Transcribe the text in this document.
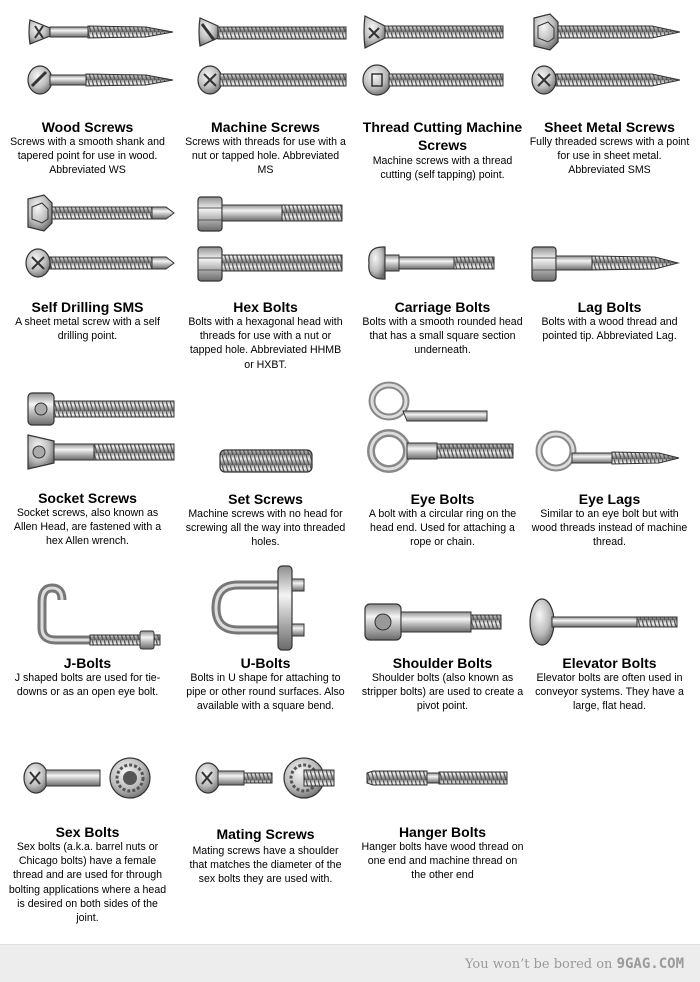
Wood Screws
Screws with a smooth shank and tapered point for use in wood. Abbreviated WS
Machine Screws
Screws with threads for use with a nut or tapped hole. Abbreviated MS
Thread Cutting Machine Screws
Machine screws with a thread cutting (self tapping) point.
Sheet Metal Screws
Fully threaded screws with a point for use in sheet metal. Abbreviated SMS
Self Drilling SMS
A sheet metal screw with a self drilling point.
Hex Bolts
Bolts with a hexagonal head with threads for use with a nut or tapped hole. Abbreviated HHMB or HXBT.
Carriage Bolts
Bolts with a smooth rounded head that has a small square section underneath.
Lag Bolts
Bolts with a wood thread and pointed tip. Abbreviated Lag.
Socket Screws
Socket screws, also known as Allen Head, are fastened with a hex Allen wrench.
Set Screws
Machine screws with no head for screwing all the way into threaded holes.
Eye Bolts
A bolt with a circular ring on the head end. Used for attaching a rope or chain.
Eye Lags
Similar to an eye bolt but with wood threads instead of machine thread.
J-Bolts
J shaped bolts are used for tie-downs or as an open eye bolt.
U-Bolts
Bolts in U shape for attaching to pipe or other round surfaces. Also available with a square bend.
Shoulder Bolts
Shoulder bolts (also known as stripper bolts) are used to create a pivot point.
Elevator Bolts
Elevator bolts are often used in conveyor systems. They have a large, flat head.
Sex Bolts
Sex bolts (a.k.a. barrel nuts or Chicago bolts) have a female thread and are used for through bolting applications where a head is desired on both sides of the joint.
Mating Screws
Mating screws have a shoulder that matches the diameter of the sex bolts they are used with.
Hanger Bolts
Hanger bolts have wood thread on one end and machine thread on the other end
You won’t be bored on 9GAG.COM
